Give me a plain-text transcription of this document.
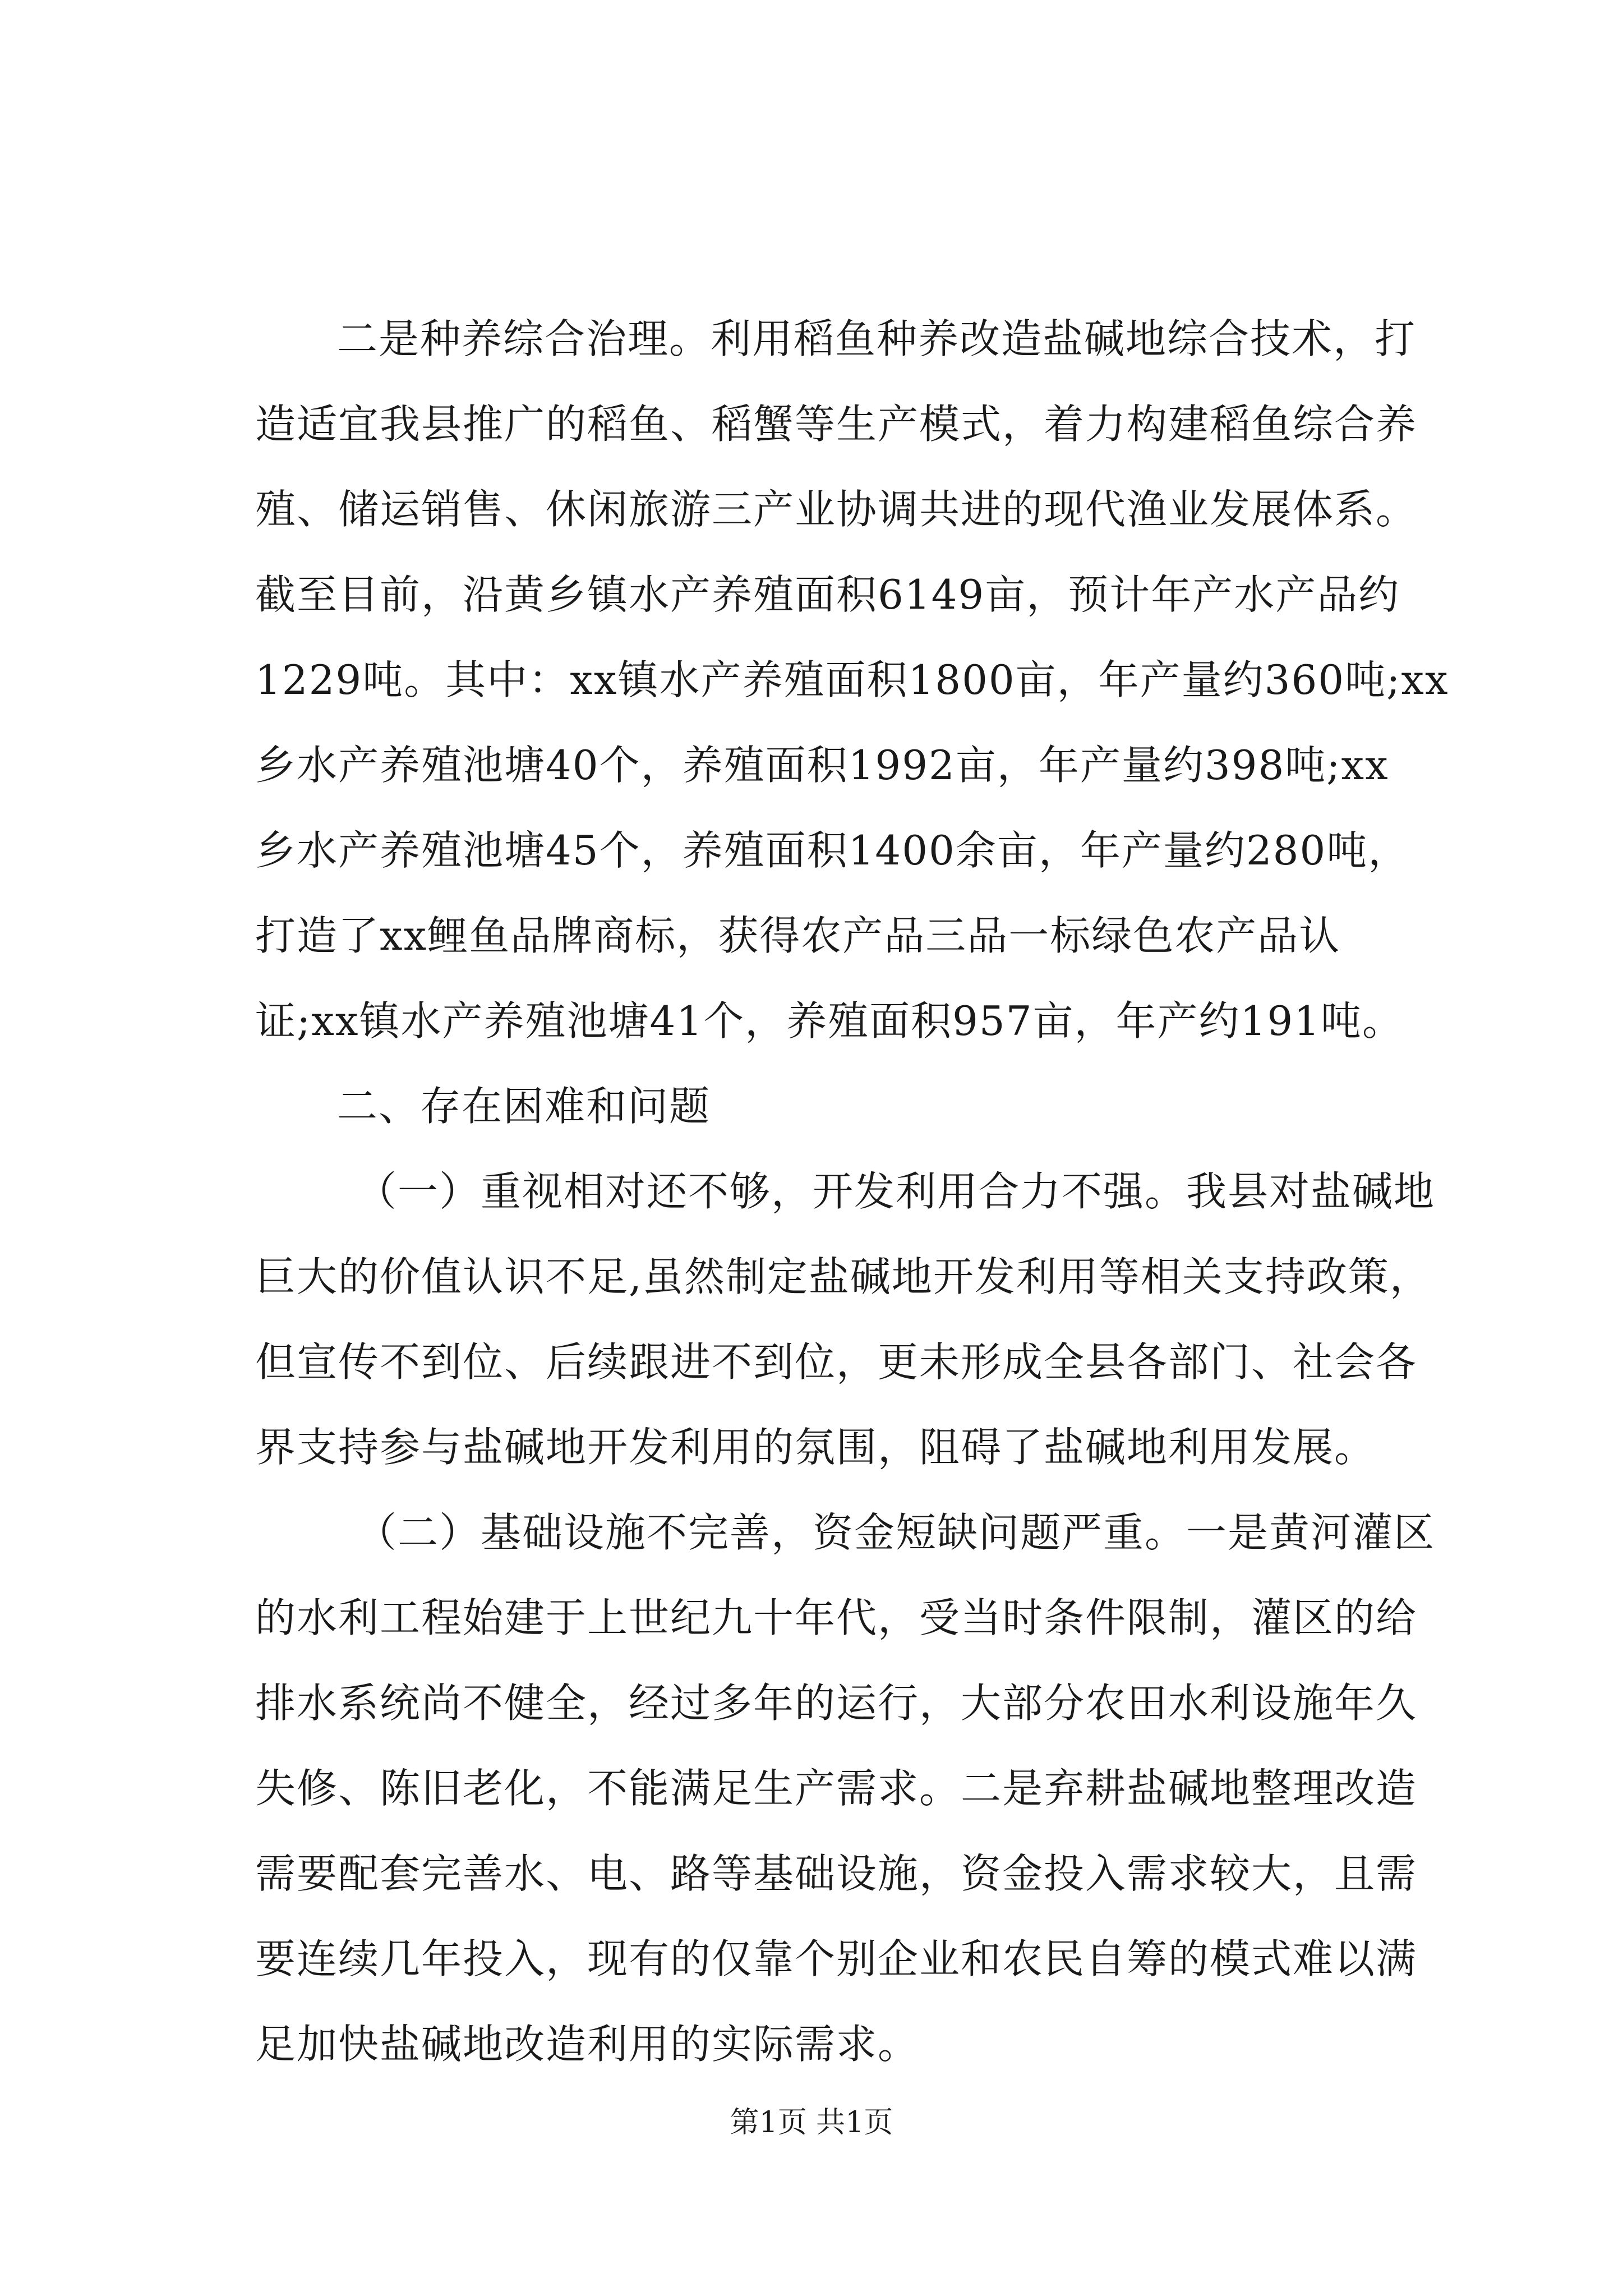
二是种养综合治理。利用稻鱼种养改造盐碱地综合技术，打
造适宜我县推广的稻鱼、稻蟹等生产模式，着力构建稻鱼综合养
殖、储运销售、休闲旅游三产业协调共进的现代渔业发展体系。
截至目前，沿黄乡镇水产养殖面积6149亩，预计年产水产品约
1229吨。其中：xx镇水产养殖面积1800亩，年产量约360吨;xx
乡水产养殖池塘40个，养殖面积1992亩，年产量约398吨;xx
乡水产养殖池塘45个，养殖面积1400余亩，年产量约280吨，
打造了xx鲤鱼品牌商标，获得农产品三品一标绿色农产品认
证;xx镇水产养殖池塘41个，养殖面积957亩，年产约191吨。
二、存在困难和问题
（一）重视相对还不够，开发利用合力不强。我县对盐碱地
巨大的价值认识不足,虽然制定盐碱地开发利用等相关支持政策，
但宣传不到位、后续跟进不到位，更未形成全县各部门、社会各
界支持参与盐碱地开发利用的氛围，阻碍了盐碱地利用发展。
（二）基础设施不完善，资金短缺问题严重。一是黄河灌区
的水利工程始建于上世纪九十年代，受当时条件限制，灌区的给
排水系统尚不健全，经过多年的运行，大部分农田水利设施年久
失修、陈旧老化，不能满足生产需求。二是弃耕盐碱地整理改造
需要配套完善水、电、路等基础设施，资金投入需求较大，且需
要连续几年投入，现有的仅靠个别企业和农民自筹的模式难以满
足加快盐碱地改造利用的实际需求。
第1页 共1页
